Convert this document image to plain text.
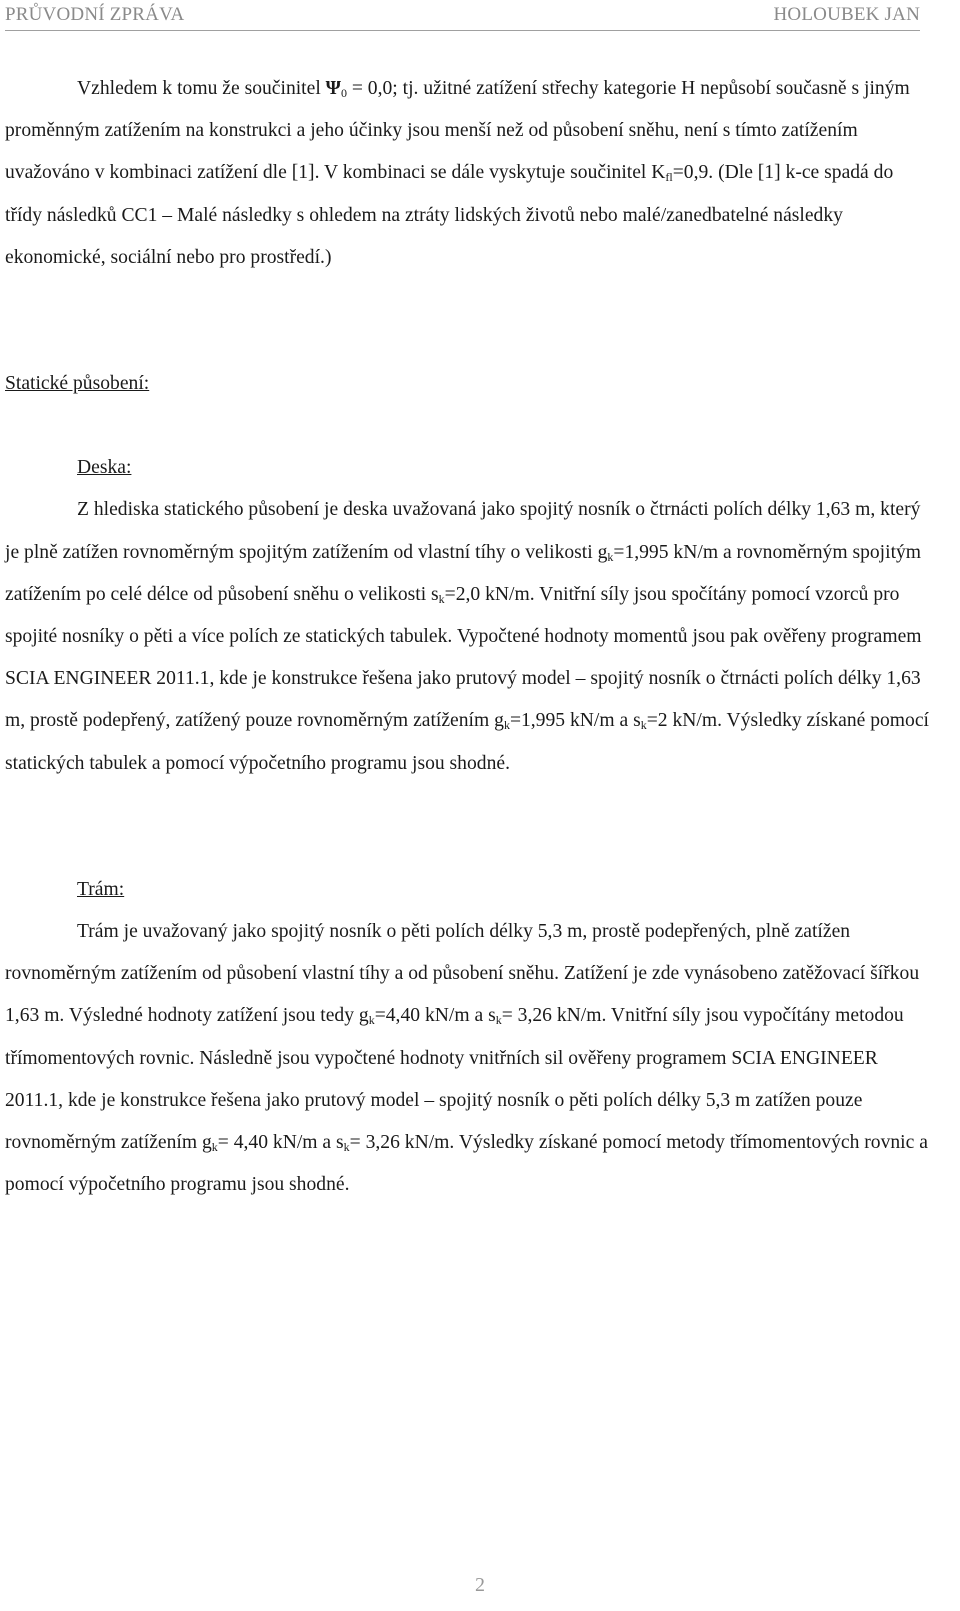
PRŮVODNÍ ZPRÁVA	HOLOUBEK JAN

Vzhledem k tomu že součinitel $\Psi_0 = 0,0$; tj. užitné zatížení střechy kategorie H nepůsobí současně s jiným proměnným zatížením na konstrukci a jeho účinky jsou menší než od působení sněhu, není s tímto zatížením uvažováno v kombinaci zatížení dle [1]. V kombinaci se dále vyskytuje součinitel $K_{fl}=0,9$. (Dle [1] k-ce spadá do třídy následků CC1 – Malé následky s ohledem na ztráty lidských životů nebo malé/zanedbatelné následky ekonomické, sociální nebo pro prostředí.)

Statické působení:

Deska:

Z hlediska statického působení je deska uvažovaná jako spojitý nosník o čtrnácti polích délky 1,63 m, který je plně zatížen rovnoměrným spojitým zatížením od vlastní tíhy o velikosti $g_k=1,995$ kN/m a rovnoměrným spojitým zatížením po celé délce od působení sněhu o velikosti $s_k=2,0$ kN/m. Vnitřní síly jsou spočítány pomocí vzorců pro spojité nosníky o pěti a více polích ze statických tabulek. Vypočtené hodnoty momentů jsou pak ověřeny programem SCIA ENGINEER 2011.1, kde je konstrukce řešena jako prutový model – spojitý nosník o čtrnácti polích délky 1,63 m, prostě podepřený, zatížený pouze rovnoměrným zatížením $g_k=1,995$ kN/m a $s_k=2$ kN/m. Výsledky získané pomocí statických tabulek a pomocí výpočetního programu jsou shodné.

Trám:

Trám je uvažovaný jako spojitý nosník o pěti polích délky 5,3 m, prostě podepřených, plně zatížen rovnoměrným zatížením od působení vlastní tíhy a od působení sněhu. Zatížení je zde vynásobeno zatěžovací šířkou 1,63 m. Výsledné hodnoty zatížení jsou tedy $g_k=4,40$ kN/m a $s_k= 3,26$ kN/m. Vnitřní síly jsou vypočítány metodou třímomentových rovnic. Následně jsou vypočtené hodnoty vnitřních sil ověřeny programem SCIA ENGINEER 2011.1, kde je konstrukce řešena jako prutový model – spojitý nosník o pěti polích délky 5,3 m zatížen pouze rovnoměrným zatížením $g_k= 4,40$ kN/m a $s_k= 3,26$ kN/m. Výsledky získané pomocí metody třímomentových rovnic a pomocí výpočetního programu jsou shodné.

2
